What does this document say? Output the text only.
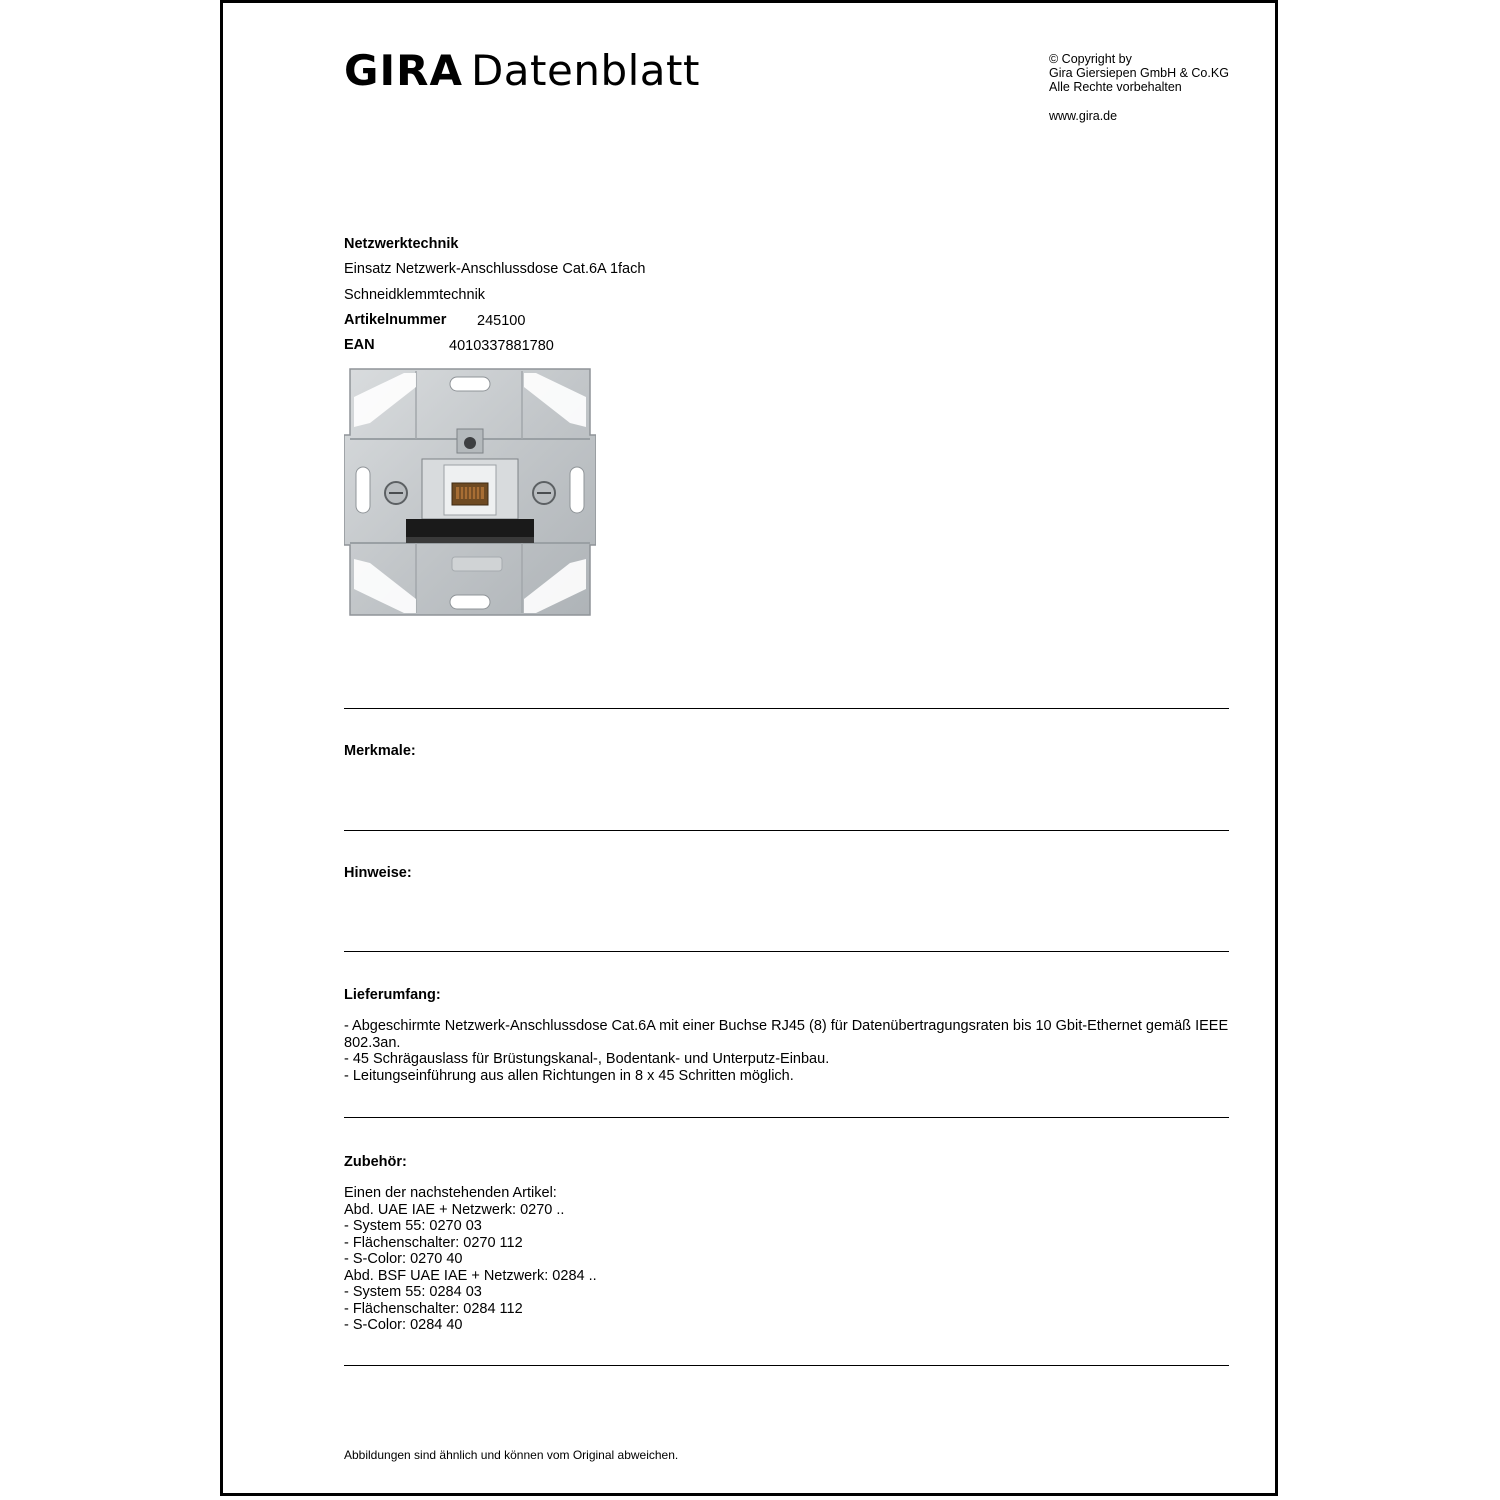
GIRA Datenblatt	© Copyright by
Gira Giersiepen GmbH & Co.KG
Alle Rechte vorbehalten
www.gira.de
Netzwerktechnik
Einsatz Netzwerk-Anschlussdose Cat.6A 1fach
Schneidklemmtechnik
Artikelnummer 245100
EAN	4010337881780
Merkmale:
Hinweise:
Lieferumfang:
- Abgeschirmte Netzwerk-Anschlussdose Cat.6A mit einer Buchse RJ45 (8) für Datenübertragungsraten bis 10 Gbit-Ethernet gemäß IEEE
802.3an.
- 45 Schrägauslass für Brüstungskanal-, Bodentank- und Unterputz-Einbau.
- Leitungseinführung aus allen Richtungen in 8 x 45 Schritten möglich.
Zubehör:
Einen der nachstehenden Artikel:
Abd. UAE IAE + Netzwerk: 0270 ..
- System 55: 0270 03
- Flächenschalter: 0270 112
- S-Color: 0270 40
Abd. BSF UAE IAE + Netzwerk: 0284 ..
- System 55: 0284 03
- Flächenschalter: 0284 112
- S-Color: 0284 40
Abbildungen sind ähnlich und können vom Original abweichen.
